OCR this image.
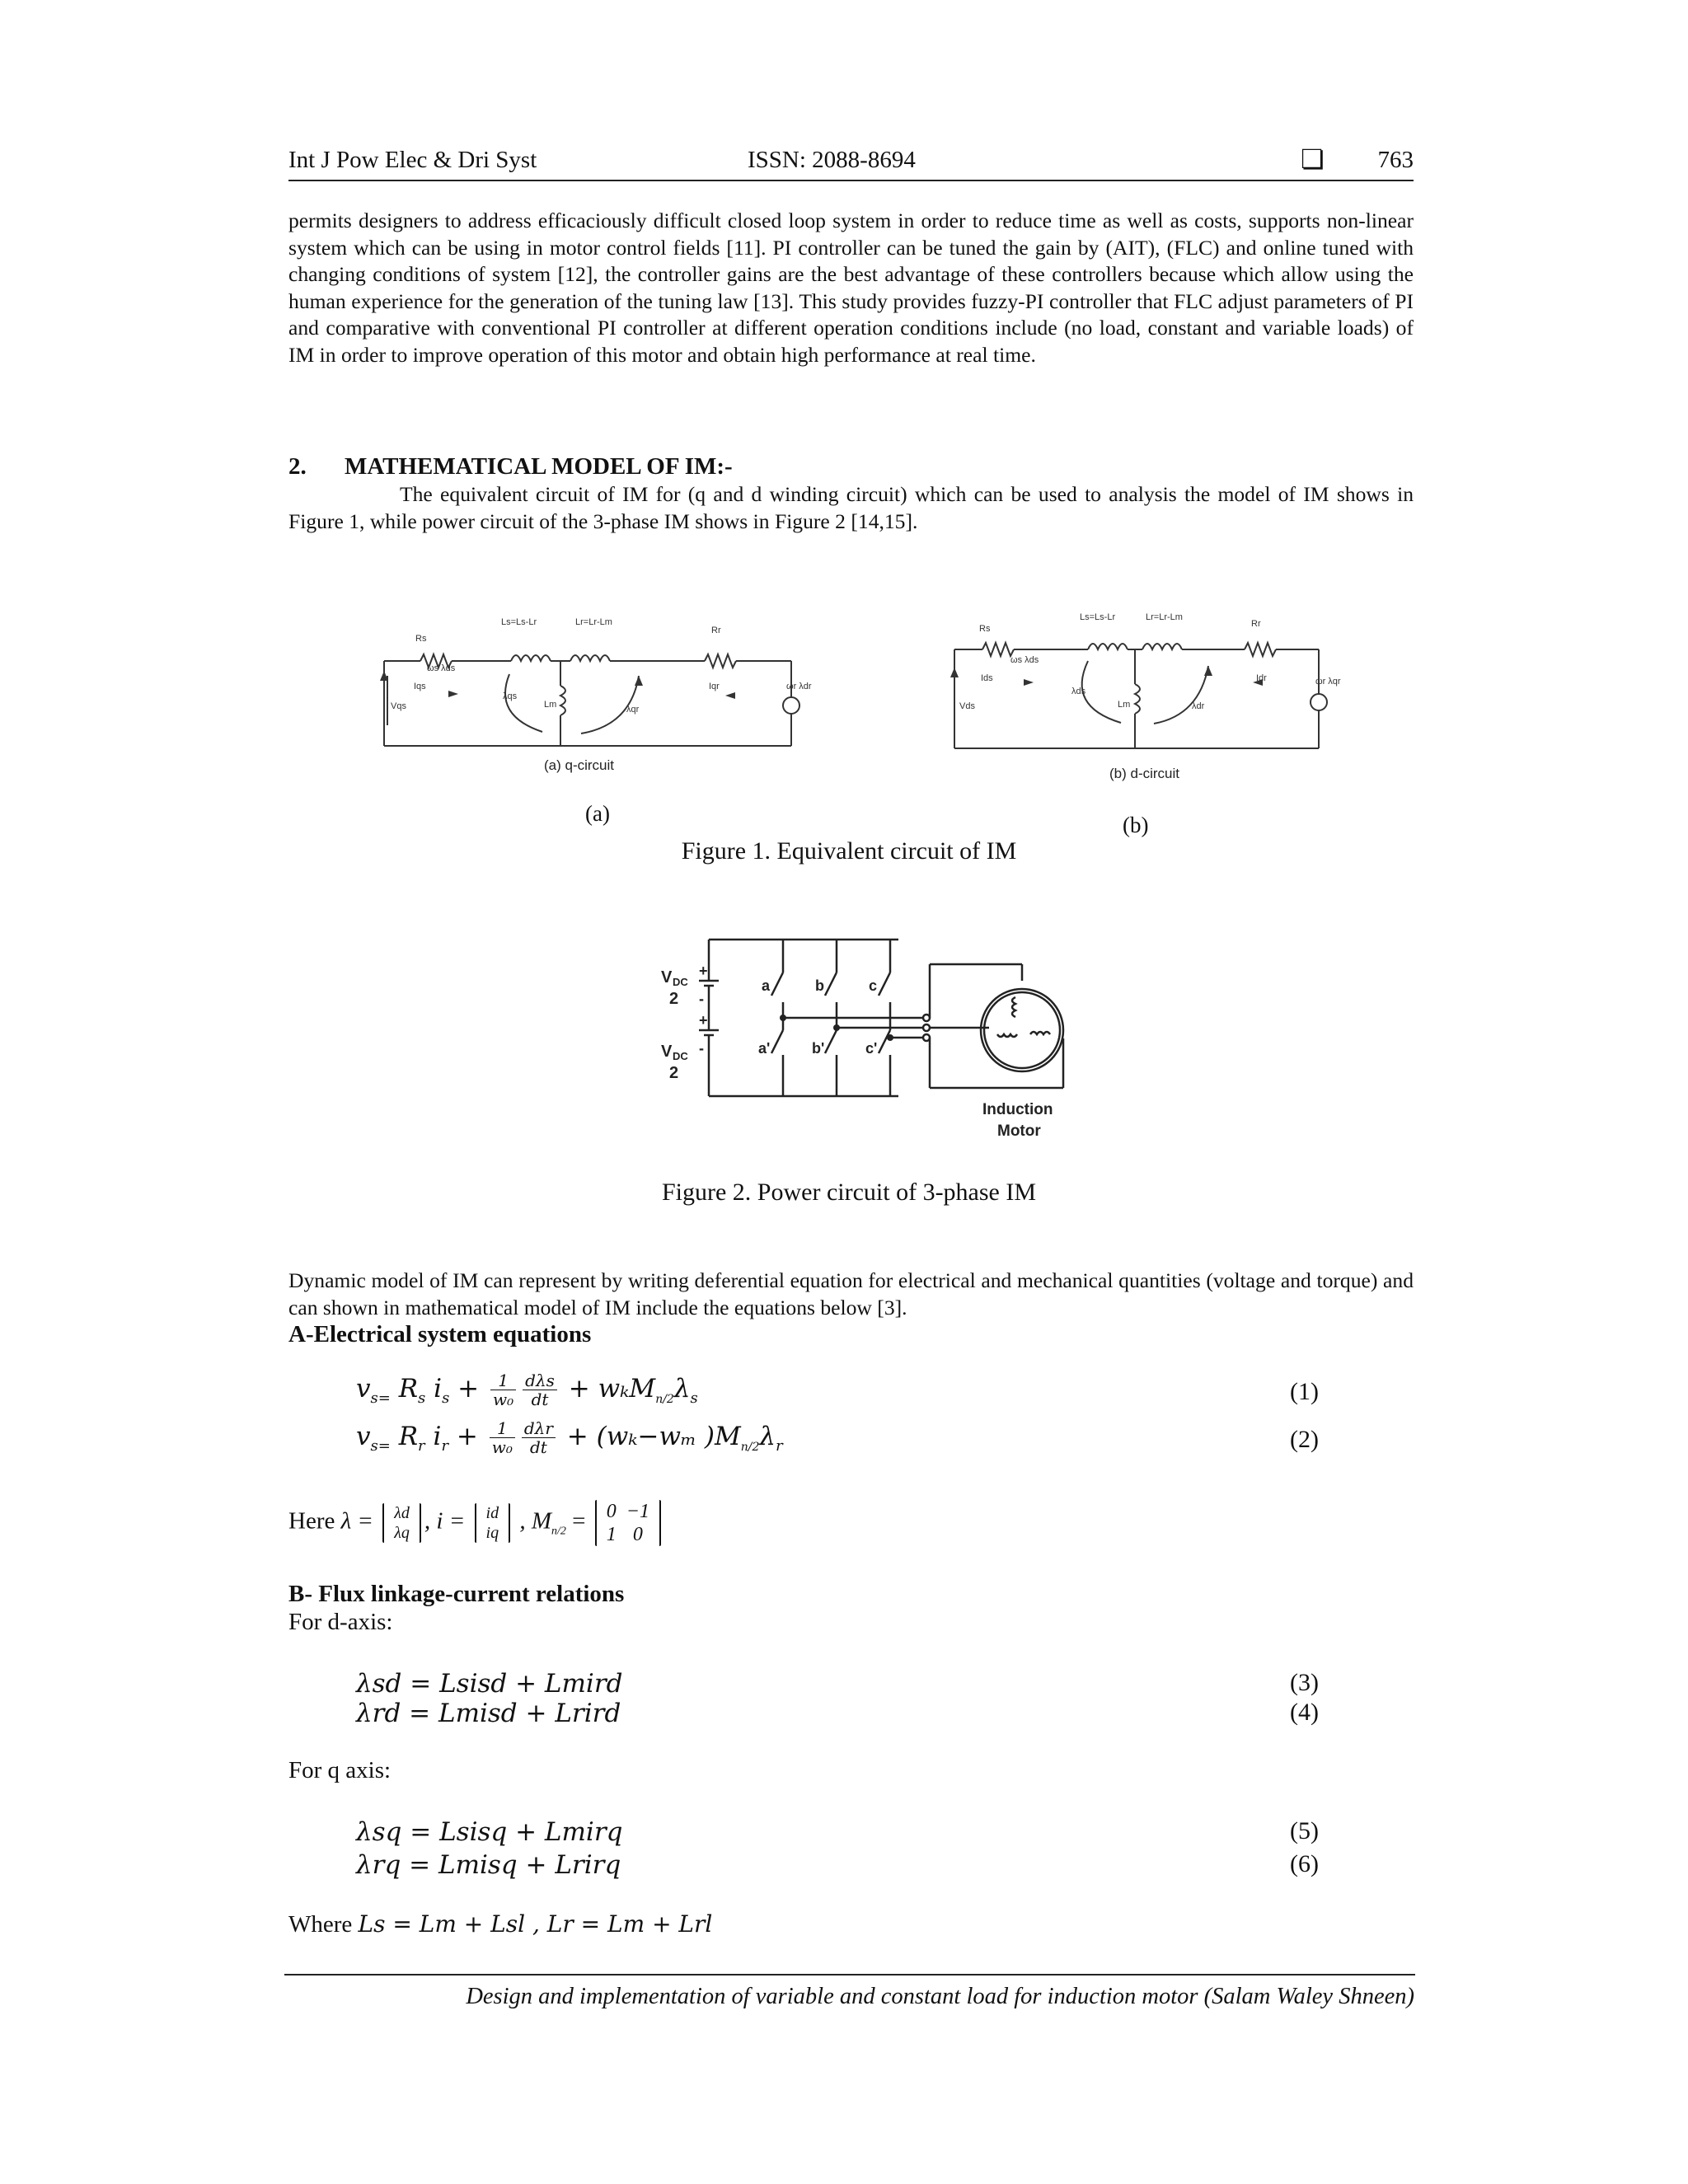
Int J Pow Elec & Dri Syst	ISSN: 2088-8694	❏ 763
permits designers to address efficaciously difficult closed loop system in order to reduce time as well as costs, supports non-linear system which can be using in motor control fields [11]. PI controller can be tuned the gain by (AIT), (FLC) and online tuned with changing conditions of system [12], the controller gains are the best advantage of these controllers because which allow using the human experience for the generation of the tuning law [13]. This study provides fuzzy-PI controller that FLC adjust parameters of PI and comparative with conventional PI controller at different operation conditions include (no load, constant and variable loads) of IM in order to improve operation of this motor and obtain high performance at real time.
2. MATHEMATICAL MODEL OF IM:-
The equivalent circuit of IM for (q and d winding circuit) which can be used to analysis the model of IM shows in Figure 1, while power circuit of the 3-phase IM shows in Figure 2 [14,15].
Rs
Ls=Ls-Lr	Lr=Lr-Lm
Rr
ωs λds
Iqs	Iqr
Vqs
λqs
Lm	λqr
ωr λdr
(a) q-circuit
(a)
Rs
Ls=Ls-Lr	Lr=Lr-Lm
Rr
ωs λds
Ids	Idr
Vds
λds
Lm	λdr
ωr λqr
(b) d-circuit
(b)
Figure 1. Equivalent circuit of IM
V DC
2
V DC
2
+
-
+
-
a	b	c
a'	b'	c'
Induction
Motor
Figure 2. Power circuit of 3-phase IM
Dynamic model of IM can represent by writing deferential equation for electrical and mechanical quantities (voltage and torque) and can shown in mathematical model of IM include the equations below [3].
A-Electrical system equations
$v_{s=}$ $R_s$ $i_s + \frac{1}{\text{w₀}} \frac{\text{dλs}}{dt} + w_kM_{n/2}\lambda_s$	(1)
$v_{s=}$ $R_r$ $i_r + \frac{1}{\text{w₀}} \frac{\text{dλr}}{dt} + (w_k-w_m$ )$M_{n/2}\lambda_r$	(2)
Here λ = λd
λq , i = id
iq , $M_{n/2} = 0$	−1
1	0
B- Flux linkage-current relations
For d-axis:
λsd = Lsisd + Lmird	(3)
λrd = Lmisd + Lrird	(4)
For q axis:
λsq = Lsisq + Lmirq	(5)
λrq = Lmisq + Lrirq	(6)
Where Ls = Lm + Lsl , Lr = Lm + Lrl
Design and implementation of variable and constant load for induction motor (Salam Waley Shneen)
